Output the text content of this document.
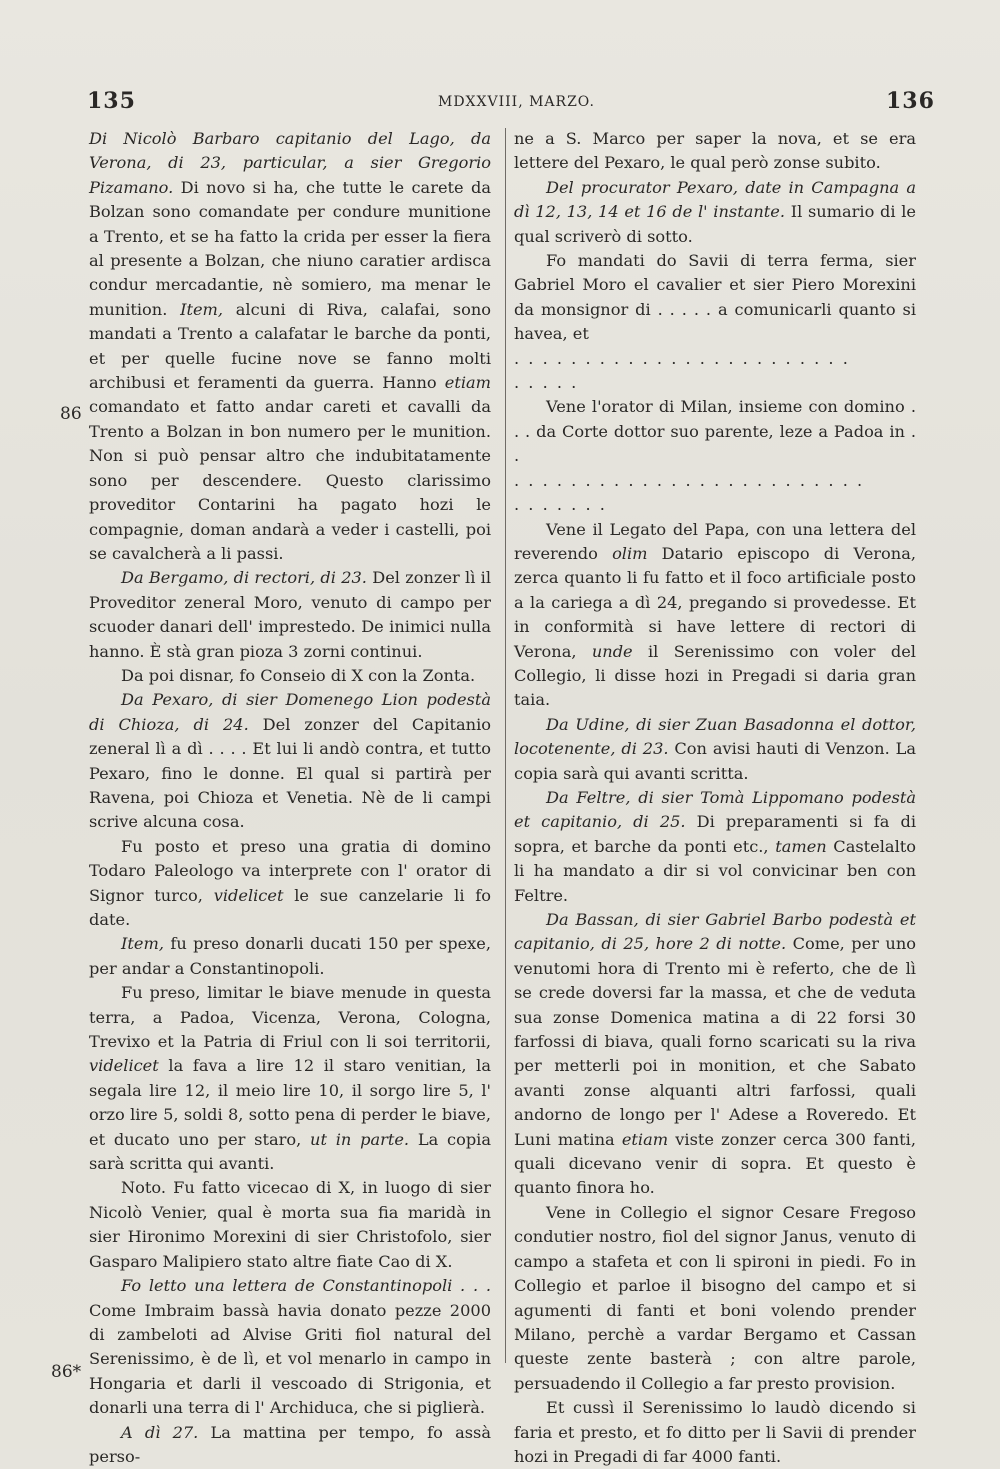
135	MDXXVIII, MARZO.	136
86
86*

Di Nicolò Barbaro capitanio del Lago, da Verona, di 23, particular, a sier Gregorio Pizamano. Di novo si ha, che tutte le carete da Bolzan sono comandate per condure munitione a Trento, et se ha fatto la crida per esser la fiera al presente a Bolzan, che niuno caratier ardisca condur mercadantie, nè somiero, ma menar le munition. Item, alcuni di Riva, calafai, sono mandati a Trento a calafatar le barche da ponti, et per quelle fucine nove se fanno molti archibusi et feramenti da guerra. Hanno etiam comandato et fatto andar careti et cavalli da Trento a Bolzan in bon numero per le munition. Non si può pensar altro che indubitatamente sono per descendere. Questo clarissimo proveditor Contarini ha pagato hozi le compagnie, doman andarà a veder i castelli, poi se cavalcherà a li passi.

Da Bergamo, di rectori, di 23. Del zonzer lì il Proveditor zeneral Moro, venuto di campo per scuoder danari dell' imprestedo. De inimici nulla hanno. È stà gran pioza 3 zorni continui.

Da poi disnar, fo Conseio di X con la Zonta.

Da Pexaro, di sier Domenego Lion podestà di Chioza, di 24. Del zonzer del Capitanio zeneral lì a dì . . . . Et lui li andò contra, et tutto Pexaro, fino le donne. El qual si partirà per Ravena, poi Chioza et Venetia. Nè de li campi scrive alcuna cosa.

Fu posto et preso una gratia di domino Todaro Paleologo va interprete con l' orator di Signor turco, videlicet le sue canzelarie li fo date.

Item, fu preso donarli ducati 150 per spexe, per andar a Constantinopoli.

Fu preso, limitar le biave menude in questa terra, a Padoa, Vicenza, Verona, Cologna, Trevixo et la Patria di Friul con li soi territorii, videlicet la fava a lire 12 il staro venitian, la segala lire 12, il meio lire 10, il sorgo lire 5, l' orzo lire 5, soldi 8, sotto pena di perder le biave, et ducato uno per staro, ut in parte. La copia sarà scritta qui avanti.

Noto. Fu fatto vicecao di X, in luogo di sier Nicolò Venier, qual è morta sua fia maridà in sier Hironimo Morexini di sier Christofolo, sier Gasparo Malipiero stato altre fiate Cao di X.

Fo letto una lettera de Constantinopoli . . . Come Imbraim bassà havia donato pezze 2000 di zambeloti ad Alvise Griti fiol natural del Serenissimo, è de lì, et vol menarlo in campo in Hongaria et darli il vescoado di Strigonia, et donarli una terra di l' Archiduca, che si piglierà.

A dì 27. La mattina per tempo, fo assà perso-

ne a S. Marco per saper la nova, et se era lettere del Pexaro, le qual però zonse subito.

Del procurator Pexaro, date in Campagna a dì 12, 13, 14 et 16 de l' instante. Il sumario di le qual scriverò di sotto.

Fo mandati do Savii di terra ferma, sier Gabriel Moro el cavalier et sier Piero Morexini da monsignor di . . . . . a comunicarli quanto si havea, et

. . . . . . . . . . . . . . . . . . . . . . . .

. . . . .

Vene l'orator di Milan, insieme con domino . . . da Corte dottor suo parente, leze a Padoa in . .

. . . . . . . . . . . . . . . . . . . . . . . . .

. . . . . . .

Vene il Legato del Papa, con una lettera del reverendo olim Datario episcopo di Verona, zerca quanto li fu fatto et il foco artificiale posto a la cariega a dì 24, pregando si provedesse. Et in conformità si have lettere di rectori di Verona, unde il Serenissimo con voler del Collegio, li disse hozi in Pregadi si daria gran taia.

Da Udine, di sier Zuan Basadonna el dottor, locotenente, di 23. Con avisi hauti di Venzon. La copia sarà qui avanti scritta.

Da Feltre, di sier Tomà Lippomano podestà et capitanio, di 25. Di preparamenti si fa di sopra, et barche da ponti etc., tamen Castelalto li ha mandato a dir si vol convicinar ben con Feltre.

Da Bassan, di sier Gabriel Barbo podestà et capitanio, di 25, hore 2 di notte. Come, per uno venutomi hora di Trento mi è referto, che de lì se crede doversi far la massa, et che de veduta sua zonse Domenica matina a di 22 forsi 30 farfossi di biava, quali forno scaricati su la riva per metterli poi in monition, et che Sabato avanti zonse alquanti altri farfossi, quali andorno de longo per l' Adese a Roveredo. Et Luni matina etiam viste zonzer cerca 300 fanti, quali dicevano venir di sopra. Et questo è quanto finora ho.

Vene in Collegio el signor Cesare Fregoso condutier nostro, fiol del signor Janus, venuto di campo a stafeta et con li spironi in piedi. Fo in Collegio et parloe il bisogno del campo et si agumenti di fanti et boni volendo prender Milano, perchè a vardar Bergamo et Cassan queste zente basterà ; con altre parole, persuadendo il Collegio a far presto provision.

Et cussì il Serenissimo lo laudò dicendo si faria et presto, et fo ditto per li Savii di prender hozi in Pregadi di far 4000 fanti.
